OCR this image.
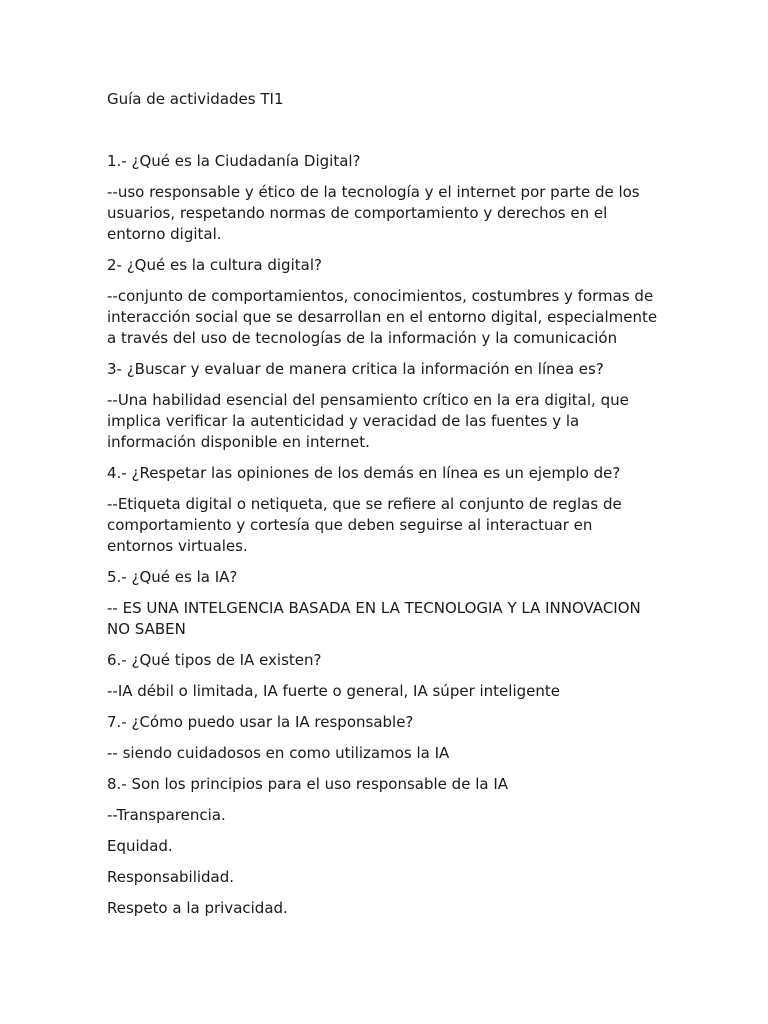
Guía de actividades TI1

1.- ¿Qué es la Ciudadanía Digital?

--uso responsable y ético de la tecnología y el internet por parte de los
usuarios, respetando normas de comportamiento y derechos en el
entorno digital.

2- ¿Qué es la cultura digital?

--conjunto de comportamientos, conocimientos, costumbres y formas de
interacción social que se desarrollan en el entorno digital, especialmente
a través del uso de tecnologías de la información y la comunicación

3- ¿Buscar y evaluar de manera critica la información en línea es?

--Una habilidad esencial del pensamiento crítico en la era digital, que
implica verificar la autenticidad y veracidad de las fuentes y la
información disponible en internet.

4.- ¿Respetar las opiniones de los demás en línea es un ejemplo de?

--Etiqueta digital o netiqueta, que se refiere al conjunto de reglas de
comportamiento y cortesía que deben seguirse al interactuar en
entornos virtuales.

5.- ¿Qué es la IA?

-- ES UNA INTELGENCIA BASADA EN LA TECNOLOGIA Y LA INNOVACION
NO SABEN

6.- ¿Qué tipos de IA existen?

--IA débil o limitada, IA fuerte o general, IA súper inteligente

7.- ¿Cómo puedo usar la IA responsable?

-- siendo cuidadosos en como utilizamos la IA

8.- Son los principios para el uso responsable de la IA

--Transparencia.

Equidad.

Responsabilidad.

Respeto a la privacidad.
